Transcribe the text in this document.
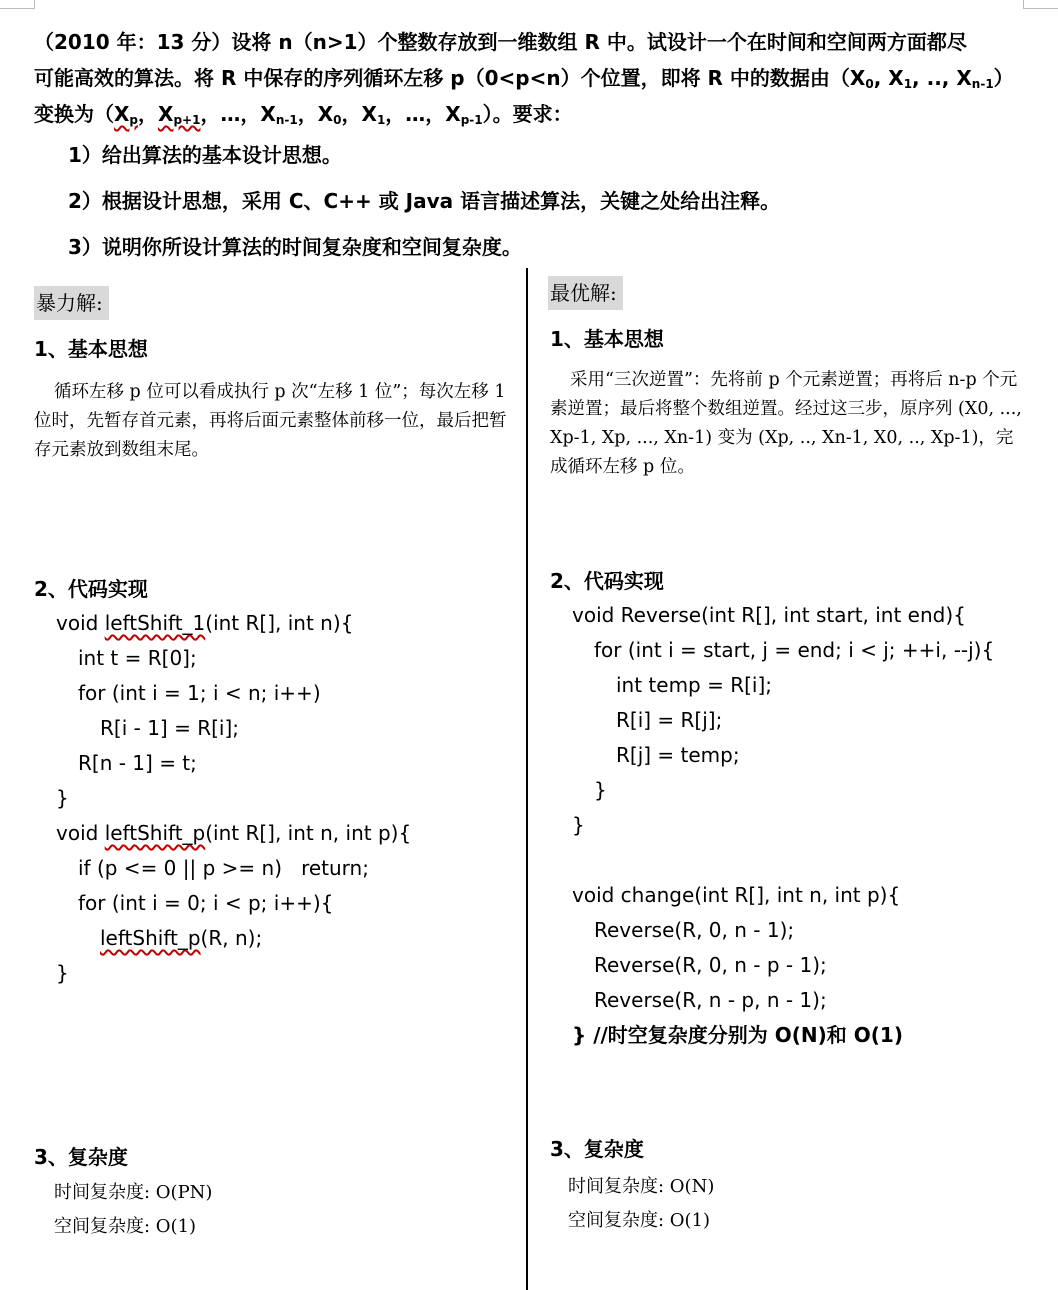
（2010 年：13 分）设将 n（n>1）个整数存放到一维数组 R 中。试设计一个在时间和空间两方面都尽

可能高效的算法。将 R 中保存的序列循环左移 p（0<p<n）个位置，即将 R 中的数据由（$X_0$, $X_1$, .., $X_{n-1}$）

变换为（$X_p$，$X_{p+1}$，…，$X_{n-1}$，$X_0$，$X_1$，…，$X_{p-1}$）。要求：

1）给出算法的基本设计思想。

2）根据设计思想，采用 C、C++ 或 Java 语言描述算法，关键之处给出注释。

3）说明你所设计算法的时间复杂度和空间复杂度。

暴力解:
1、基本思想

循环左移 p 位可以看成执行 p 次“左移 1 位”；每次左移 1 位时，先暂存首元素，再将后面元素整体前移一位，最后把暂存元素放到数组末尾。

2、代码实现
void leftShift_1(int R[], int n){
int t = R[0];
for (int i = 1; i < n; i++)
R[i - 1] = R[i];
R[n - 1] = t;
}
void leftShift_p(int R[], int n, int p){
if (p <= 0 || p >= n)   return;
for (int i = 0; i < p; i++){
leftShift_p(R, n);
}
3、复杂度
时间复杂度: O(PN)
空间复杂度: O(1)
最优解:
1、基本思想

采用“三次逆置”：先将前 p 个元素逆置；再将后 n-p 个元素逆置；最后将整个数组逆置。经过这三步，原序列 (X0, ..., Xp-1, Xp, ..., Xn-1) 变为 (Xp, .., Xn-1, X0, .., Xp-1)，完成循环左移 p 位。

2、代码实现
void Reverse(int R[], int start, int end){
for (int i = start, j = end; i < j; ++i, --j){
int temp = R[i];
R[i] = R[j];
R[j] = temp;
}
}
void change(int R[], int n, int p){
Reverse(R, 0, n - 1);
Reverse(R, 0, n - p - 1);
Reverse(R, n - p, n - 1);
} //时空复杂度分别为 O(N)和 O(1)
3、复杂度
时间复杂度: O(N)
空间复杂度: O(1)
